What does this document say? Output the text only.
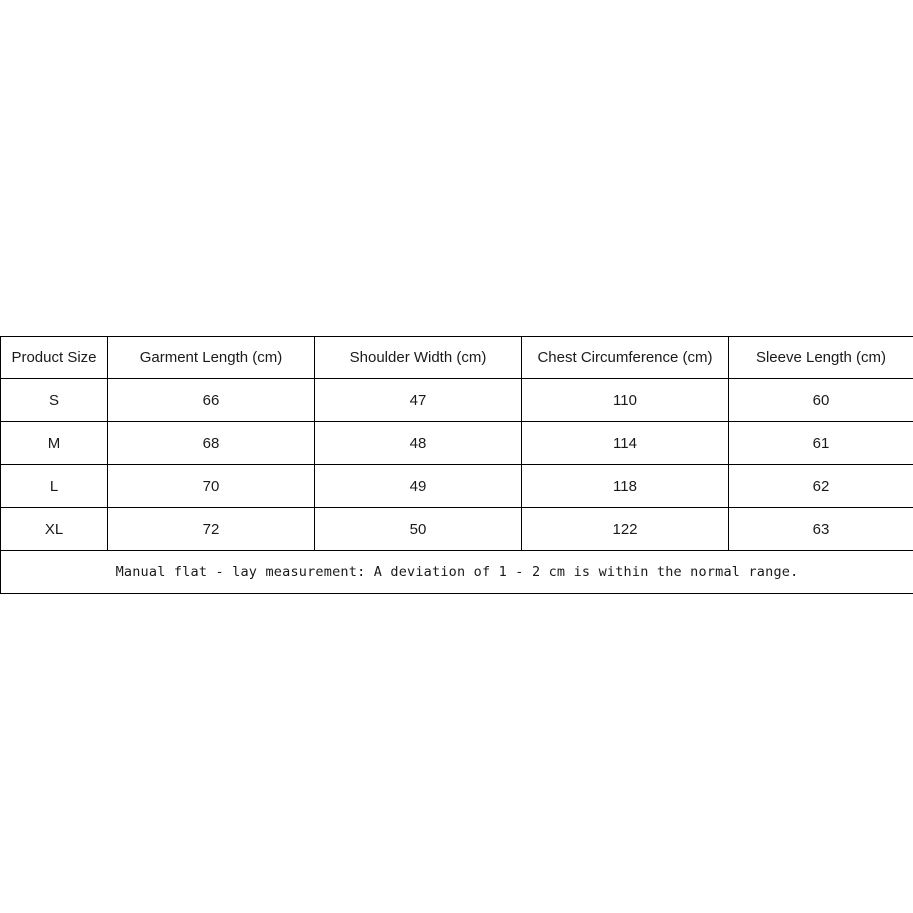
Product Size	Garment Length (cm)	Shoulder Width (cm)	Chest Circumference (cm)	Sleeve Length (cm)
S	66	47	110	60
M	68	48	114	61
L	70	49	118	62
XL	72	50	122	63
Manual flat - lay measurement: A deviation of 1 - 2 cm is within the normal range.				
